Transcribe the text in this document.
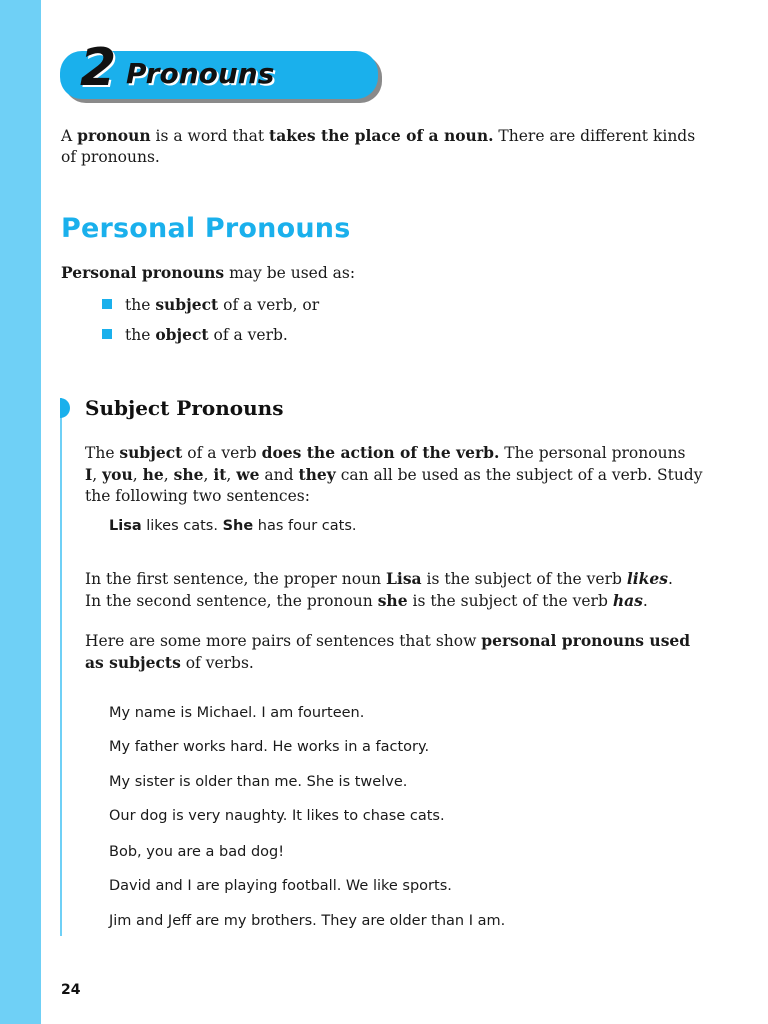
2 Pronouns
A pronoun is a word that takes the place of a noun. There are different kinds
of pronouns.
Personal Pronouns
Personal pronouns may be used as:
the subject of a verb, or
the object of a verb.
Subject Pronouns
The subject of a verb does the action of the verb. The personal pronouns
I, you, he, she, it, we and they can all be used as the subject of a verb. Study
the following two sentences:
Lisa likes cats. She has four cats.
In the first sentence, the proper noun Lisa is the subject of the verb likes.
In the second sentence, the pronoun she is the subject of the verb has.
Here are some more pairs of sentences that show personal pronouns used
as subjects of verbs.
My name is Michael. I am fourteen.
My father works hard. He works in a factory.
My sister is older than me. She is twelve.
Our dog is very naughty. It likes to chase cats.
Bob, you are a bad dog!
David and I are playing football. We like sports.
Jim and Jeff are my brothers. They are older than I am.
24
